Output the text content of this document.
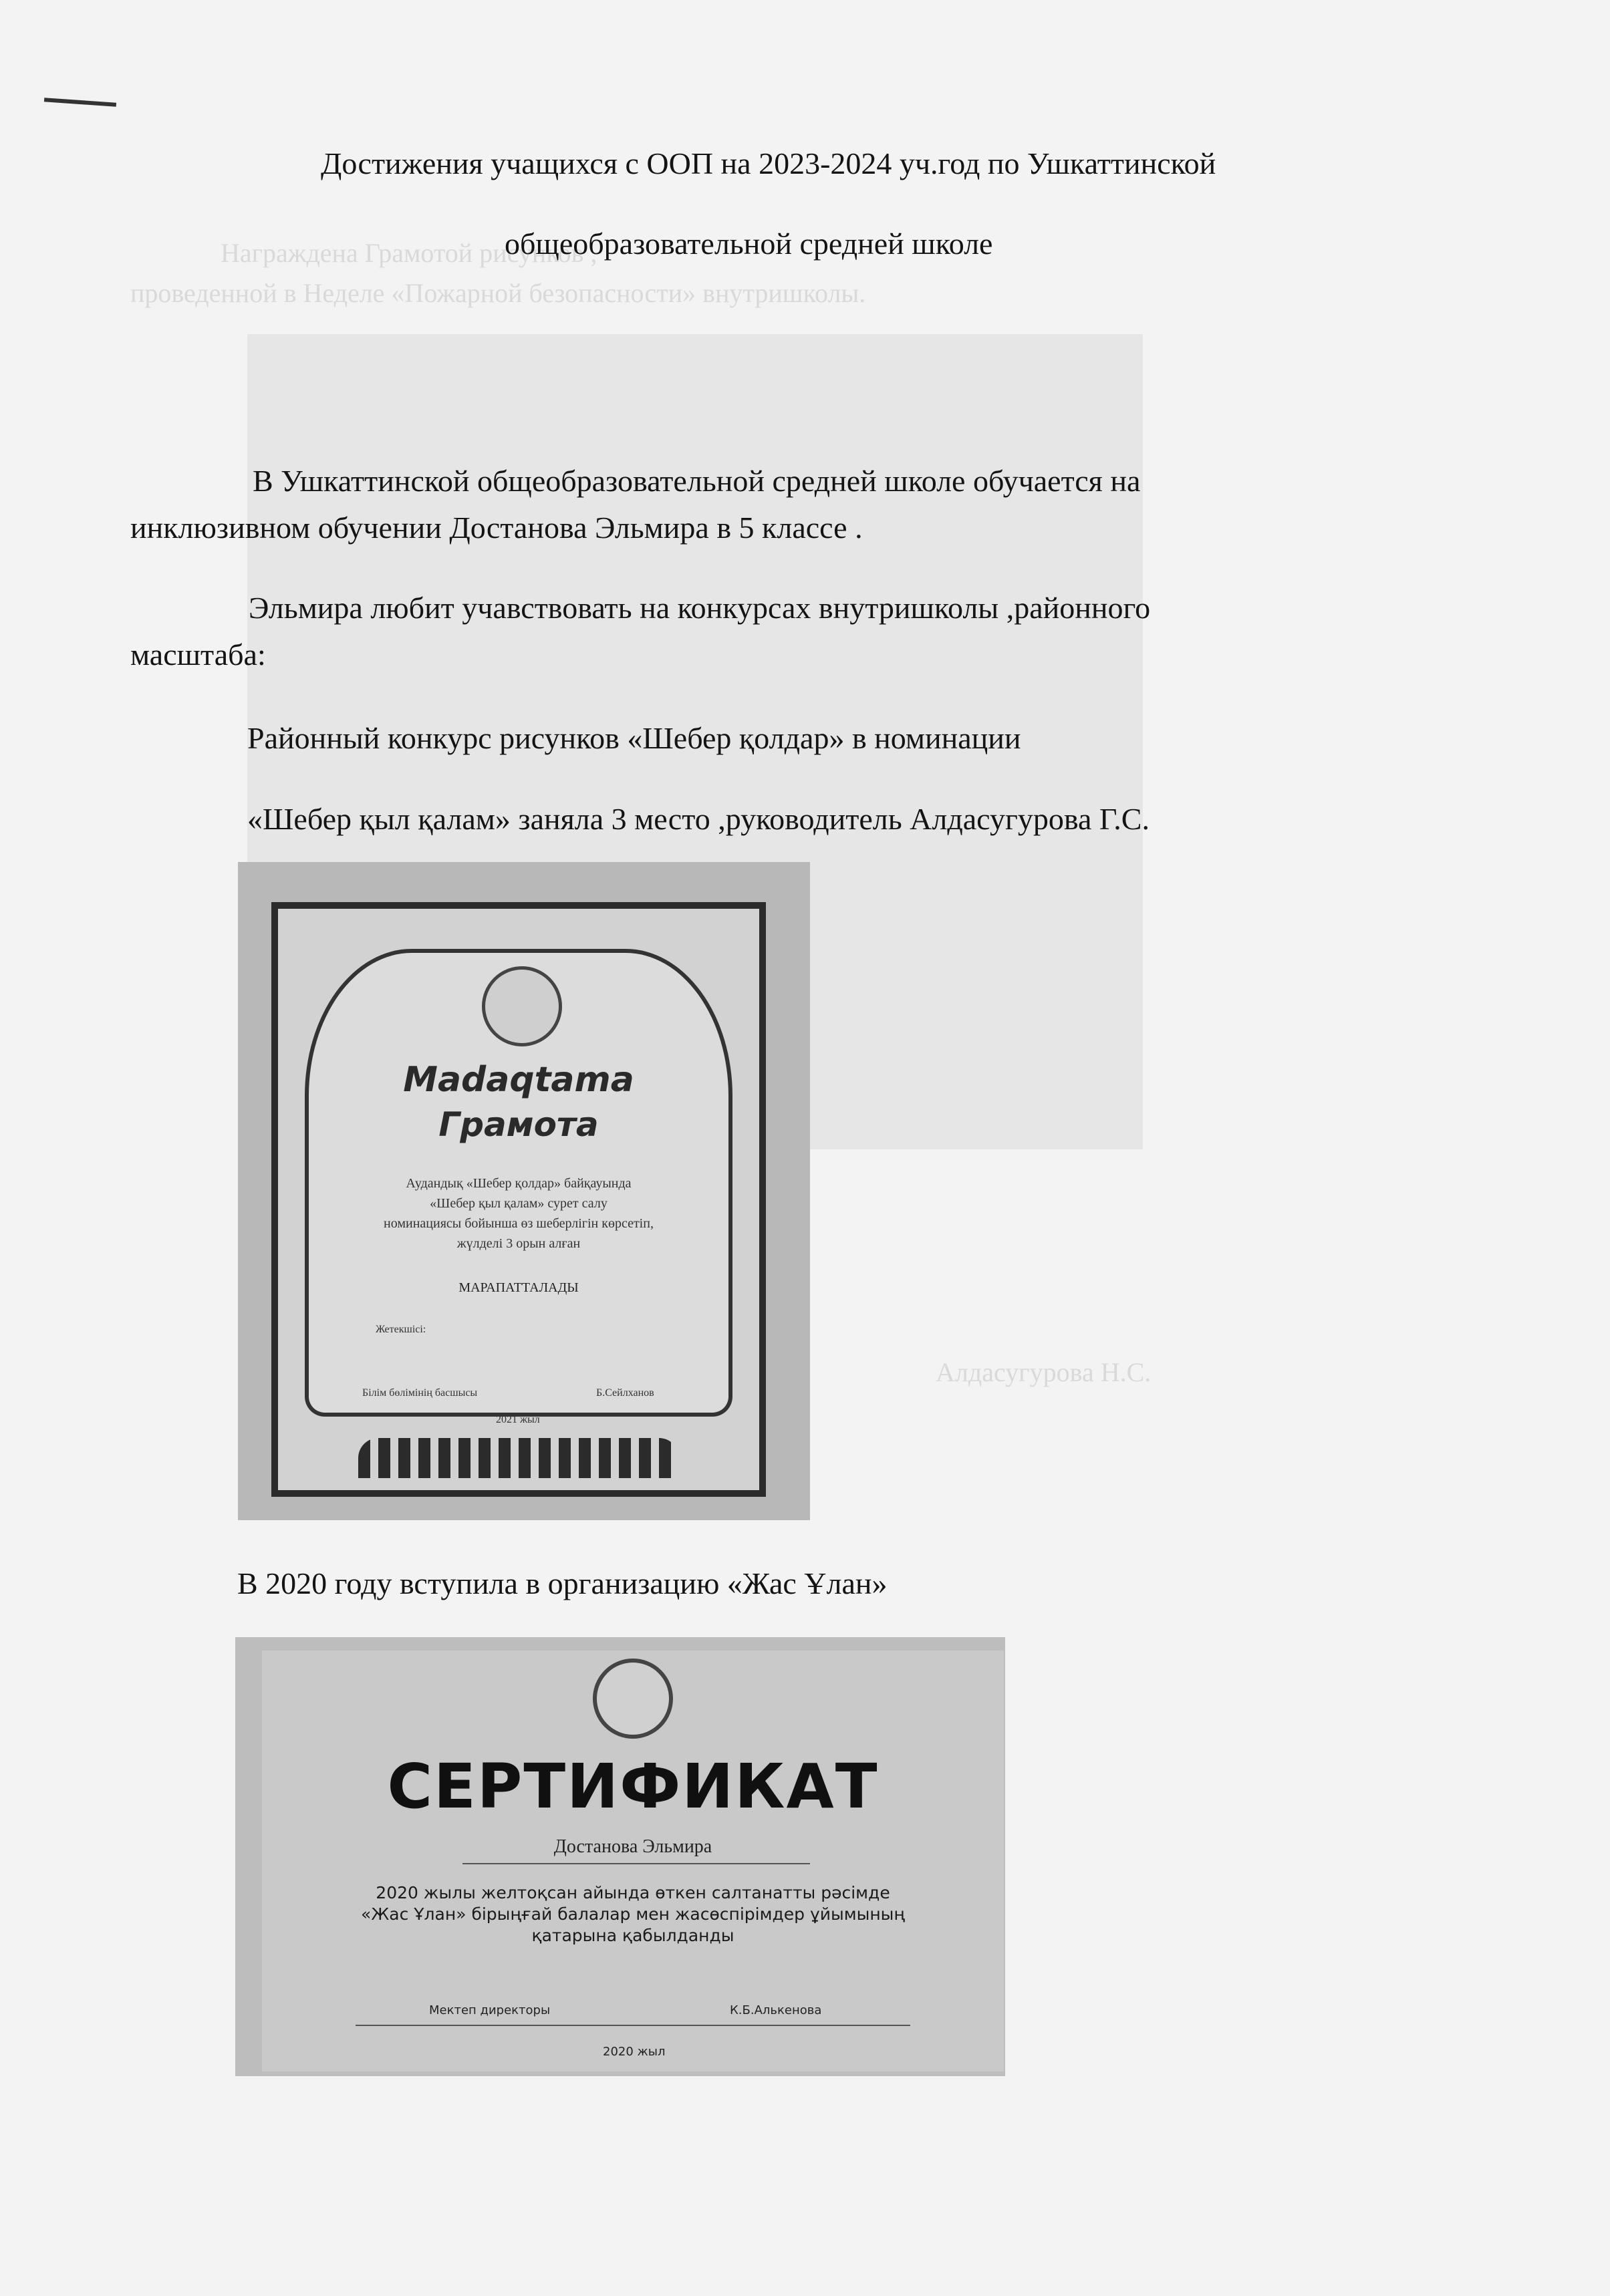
Награждена Грамотой рисунков ,
проведенной в Неделе «Пожарной безопасности» внутришколы.
Алдасугурова Н.С.
Достижения учащихся с ООП на 2023-2024 уч.год по Ушкаттинской
общеобразовательной средней школе
В Ушкаттинской общеобразовательной средней школе обучается на
инклюзивном обучении Достанова Эльмира в 5 классе .
Эльмира любит учавствовать на конкурсах внутришколы ,районного
масштаба:
Районный конкурс рисунков «Шебер қолдар» в номинации
«Шебер қыл қалам» заняла 3 место ,руководитель Алдасугурова Г.С.
Madaqtama
Грамота
Аудандық «Шебер қолдар» байқауында
«Шебер қыл қалам» сурет салу
номинациясы бойынша өз шеберлігін көрсетіп,
жүлделі 3 орын алған
МАРАПАТТАЛАДЫ
Жетекшісі:
Білім бөлімінің басшысы	Б.Сейлханов
2021 жыл
В 2020 году вступила в организацию «Жас Ұлан»
СЕРТИФИКАТ
Достанова Эльмира
2020 жылы желтоқсан айында өткен салтанатты рәсімде
«Жас Ұлан» бірыңғай балалар мен жасөспірімдер ұйымының
қатарына қабылданды
Мектеп директоры	К.Б.Алькенова
2020 жыл
